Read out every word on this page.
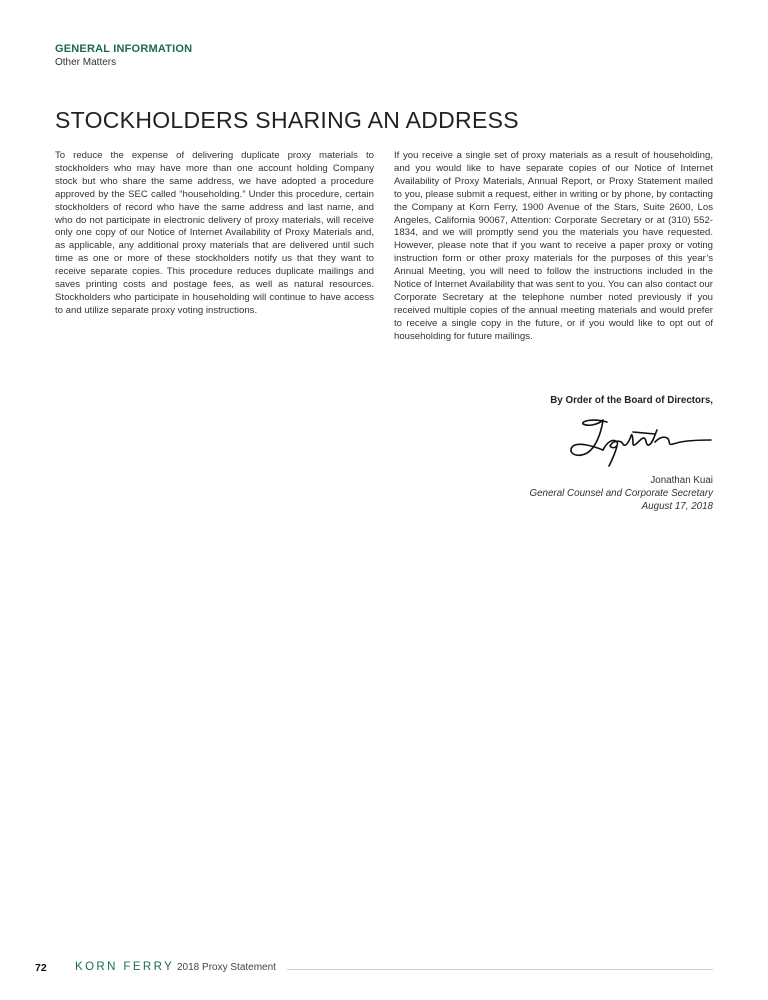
GENERAL INFORMATION
Other Matters
STOCKHOLDERS SHARING AN ADDRESS

To reduce the expense of delivering duplicate proxy materials to stockholders who may have more than one account holding Company stock but who share the same address, we have adopted a procedure approved by the SEC called “householding.” Under this procedure, certain stockholders of record who have the same address and last name, and who do not participate in electronic delivery of proxy materials, will receive only one copy of our Notice of Internet Availability of Proxy Materials and, as applicable, any additional proxy materials that are delivered until such time as one or more of these stockholders notify us that they want to receive separate copies. This procedure reduces duplicate mailings and saves printing costs and postage fees, as well as natural resources. Stockholders who participate in householding will continue to have access to and utilize separate proxy voting instructions.

If you receive a single set of proxy materials as a result of householding, and you would like to have separate copies of our Notice of Internet Availability of Proxy Materials, Annual Report, or Proxy Statement mailed to you, please submit a request, either in writing or by phone, by contacting the Company at Korn Ferry, 1900 Avenue of the Stars, Suite 2600, Los Angeles, California 90067, Attention: Corporate Secretary or at (310) 552-1834, and we will promptly send you the materials you have requested. However, please note that if you want to receive a paper proxy or voting instruction form or other proxy materials for the purposes of this year’s Annual Meeting, you will need to follow the instructions included in the Notice of Internet Availability that was sent to you. You can also contact our Corporate Secretary at the telephone number noted previously if you received multiple copies of the annual meeting materials and would prefer to receive a single copy in the future, or if you would like to opt out of householding for future mailings.

By Order of the Board of Directors,
Jonathan Kuai
General Counsel and Corporate Secretary
August 17, 2018
72 KORN FERRY 2018 Proxy Statement
